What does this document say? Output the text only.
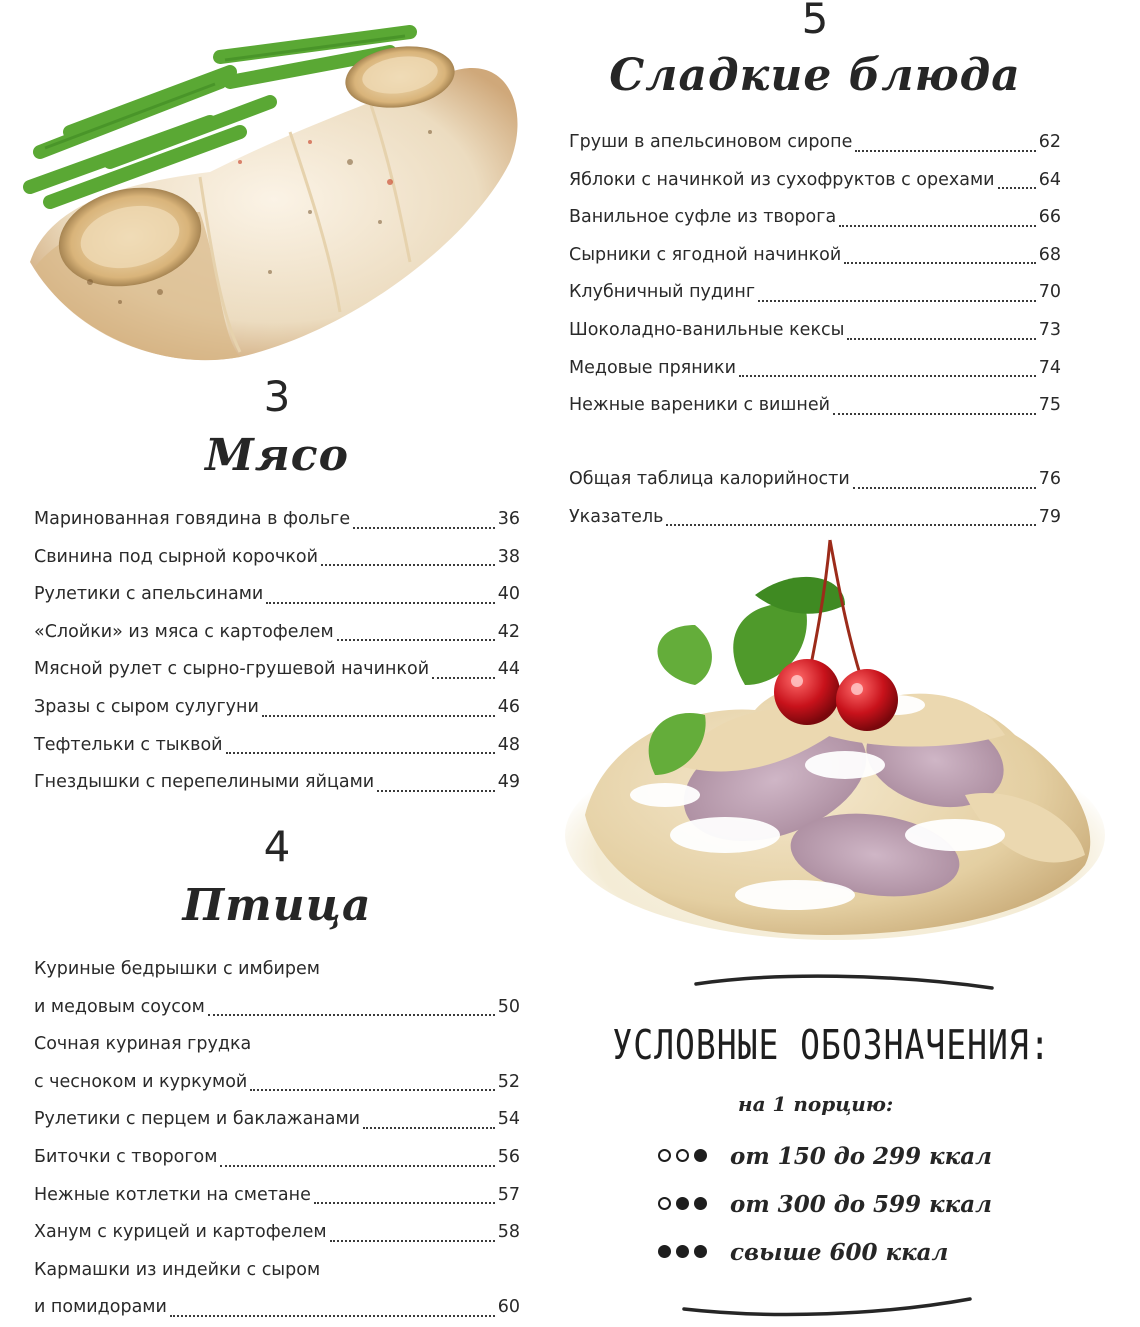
3
Мясо
Маринованная говядина в фольге	36
Свинина под сырной корочкой	38
Рулетики с апельсинами	40
«Слойки» из мяса с картофелем	42
Мясной рулет с сырно-грушевой начинкой	44
Зразы с сыром сулугуни	46
Тефтельки с тыквой	48
Гнездышки с перепелиными яйцами	49
4
Птица
Куриные бедрышки с имбирем
и медовым соусом	50
Сочная куриная грудка
с чесноком и куркумой	52
Рулетики с перцем и баклажанами	54
Биточки с творогом	56
Нежные котлетки на сметане	57
Ханум с курицей и картофелем	58
Кармашки из индейки с сыром
и помидорами	60
5
Сладкие блюда
Груши в апельсиновом сиропе	62
Яблоки с начинкой из сухофруктов с орехами	64
Ванильное суфле из творога	66
Сырники с ягодной начинкой	68
Клубничный пудинг	70
Шоколадно-ванильные кексы	73
Медовые пряники	74
Нежные вареники с вишней	75
Общая таблица калорийности	76
Указатель	79
УСЛОВНЫЕ ОБОЗНАЧЕНИЯ:
на 1 порцию:
от 150 до 299 ккал
от 300 до 599 ккал
свыше 600 ккал
